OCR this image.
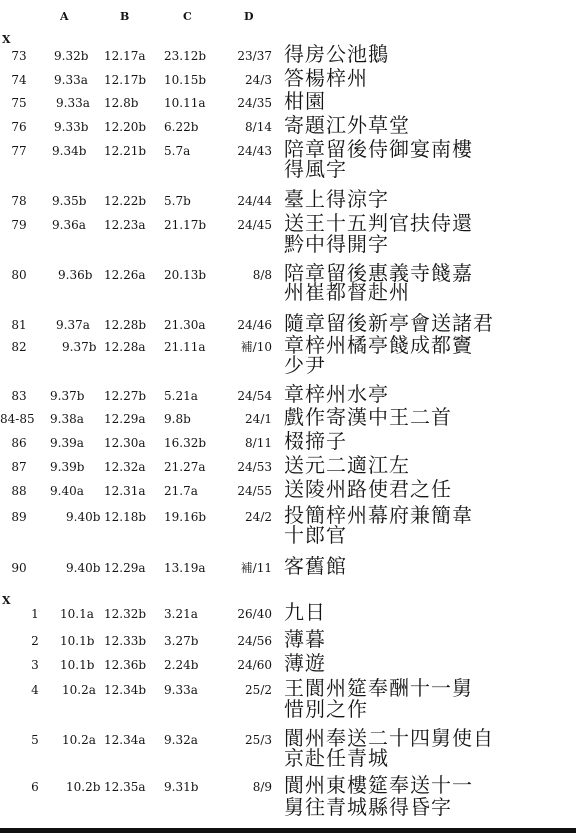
A	B	C	D
X
X
73	9.32b 12.17a 23.12b	23/37 得房公池鵝
74	9.33a 12.17b 10.15b	24/3 答楊梓州
75	9.33a 12.8b 10.11a	24/35 柑園
76	9.33b 12.20b 6.22b	8/14 寄題江外草堂
77	9.34b 12.21b 5.7a	24/43 陪章留後侍御宴南樓
得風字
78	9.35b 12.22b 5.7b	24/44 臺上得涼字
79	9.36a 12.23a 21.17b	24/45 送王十五判官扶侍還
黔中得開字
80	9.36b 12.26a 20.13b	8/8 陪章留後惠義寺餞嘉
州崔都督赴州
81	9.37a 12.28b 21.30a	24/46 隨章留後新亭會送諸君
82	9.37b 12.28a 21.11a	補/10 章梓州橘亭餞成都竇
少尹
83	9.37b 12.27b 5.21a	24/54 章梓州水亭
84-85 9.38a 12.29a 9.8b	24/1 戲作寄漢中王二首
86	9.39a 12.30a 16.32b	8/11 棳揥子
87	9.39b 12.32a 21.27a	24/53 送元二適江左
88	9.40a 12.31a 21.7a	24/55 送陵州路使君之任
89	9.40b 12.18b 19.16b	24/2 投簡梓州幕府兼簡韋
十郎官
90	9.40b 12.29a 13.19a	補/11 客舊館
1	10.1a 12.32b 3.21a	26/40 九日
2	10.1b 12.33b 3.27b	24/56 薄暮
3	10.1b 12.36b 2.24b	24/60 薄遊
4	10.2a 12.34b 9.33a	25/2 王閬州筵奉酬十一舅
惜別之作
5	10.2a 12.34a 9.32a	25/3 閬州奉送二十四舅使自
京赴任青城
6	10.2b 12.35a 9.31b	8/9 閬州東樓筵奉送十一
舅往青城縣得昏字
